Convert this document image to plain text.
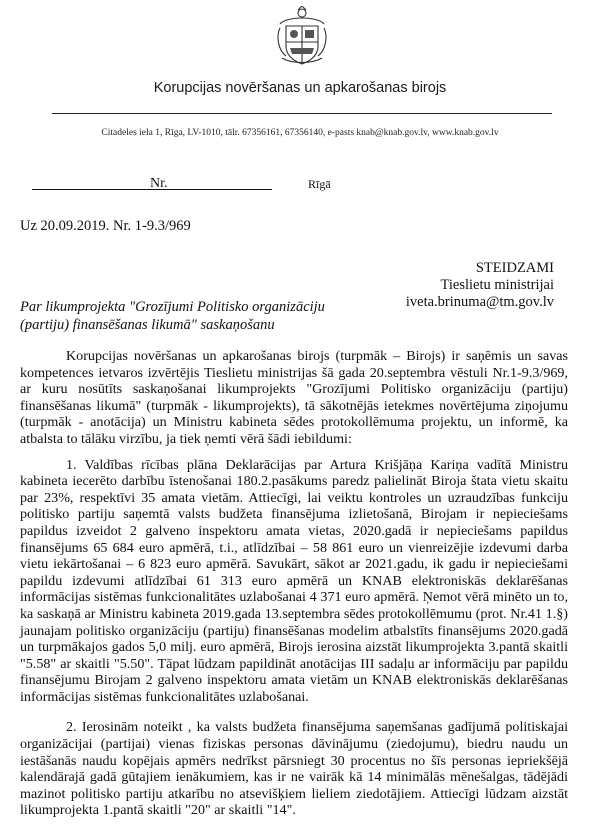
Korupcijas novēršanas un apkarošanas birojs
Citadeles iela 1, Rīga, LV-1010, tālr. 67356161, 67356140, e-pasts knab@knab.gov.lv, www.knab.gov.lv
Rīgā
Nr.
Uz 20.09.2019. Nr. 1-9.3/969
STEIDZAMI
Tieslietu ministrijai
iveta.brinuma@tm.gov.lv
Par likumprojekta "Grozījumi Politisko organizāciju (partiju) finansēšanas likumā" saskaņošanu

Korupcijas novēršanas un apkarošanas birojs (turpmāk – Birojs) ir saņēmis un savas kompetences ietvaros izvērtējis Tieslietu ministrijas šā gada 20.septembra vēstuli Nr.1-9.3/969, ar kuru nosūtīts saskaņošanai likumprojekts "Grozījumi Politisko organizāciju (partiju) finansēšanas likumā" (turpmāk - likumprojekts), tā sākotnējās ietekmes novērtējuma ziņojumu (turpmāk - anotācija) un Ministru kabineta sēdes protokollēmuma projektu, un informē, ka atbalsta to tālāku virzību, ja tiek ņemti vērā šādi iebildumi:

1. Valdības rīcības plāna Deklarācijas par Artura Krišjāņa Kariņa vadītā Ministru kabineta iecerēto darbību īstenošanai 180.2.pasākums paredz palielināt Biroja štata vietu skaitu par 23%, respektīvi 35 amata vietām. Attiecīgi, lai veiktu kontroles un uzraudzības funkciju politisko partiju saņemtā valsts budžeta finansējuma izlietošanā, Birojam ir nepieciešams papildus izveidot 2 galveno inspektoru amata vietas, 2020.gadā ir nepieciešams papildus finansējums 65 684 euro apmērā, t.i., atlīdzībai – 58 861 euro un vienreizējie izdevumi darba vietu iekārtošanai – 6 823 euro apmērā. Savukārt, sākot ar 2021.gadu, ik gadu ir nepieciešami papildu izdevumi atlīdzībai 61 313 euro apmērā un KNAB elektroniskās deklarēšanas informācijas sistēmas funkcionalitātes uzlabošanai 4 371 euro apmērā. Ņemot vērā minēto un to, ka saskaņā ar Ministru kabineta 2019.gada 13.septembra sēdes protokollēmumu (prot. Nr.41 1.§) jaunajam politisko organizāciju (partiju) finansēšanas modelim atbalstīts finansējums 2020.gadā un turpmākajos gados 5,0 milj. euro apmērā, Birojs ierosina aizstāt likumprojekta 3.pantā skaitli "5.58" ar skaitli "5.50". Tāpat lūdzam papildināt anotācijas III sadaļu ar informāciju par papildu finansējumu Birojam 2 galveno inspektoru amata vietām un KNAB elektroniskās deklarēšanas informācijas sistēmas funkcionalitātes uzlabošanai.

2. Ierosinām noteikt , ka valsts budžeta finansējuma saņemšanas gadījumā politiskajai organizācijai (partijai) vienas fiziskas personas dāvinājumu (ziedojumu), biedru naudu un iestāšanās naudu kopējais apmērs nedrīkst pārsniegt 30 procentus no šīs personas iepriekšējā kalendārajā gadā gūtajiem ienākumiem, kas ir ne vairāk kā 14 minimālās mēnešalgas, tādējādi mazinot politisko partiju atkarību no atsevišķiem lieliem ziedotājiem. Attiecīgi lūdzam aizstāt likumprojekta 1.pantā skaitli "20" ar skaitli "14".
